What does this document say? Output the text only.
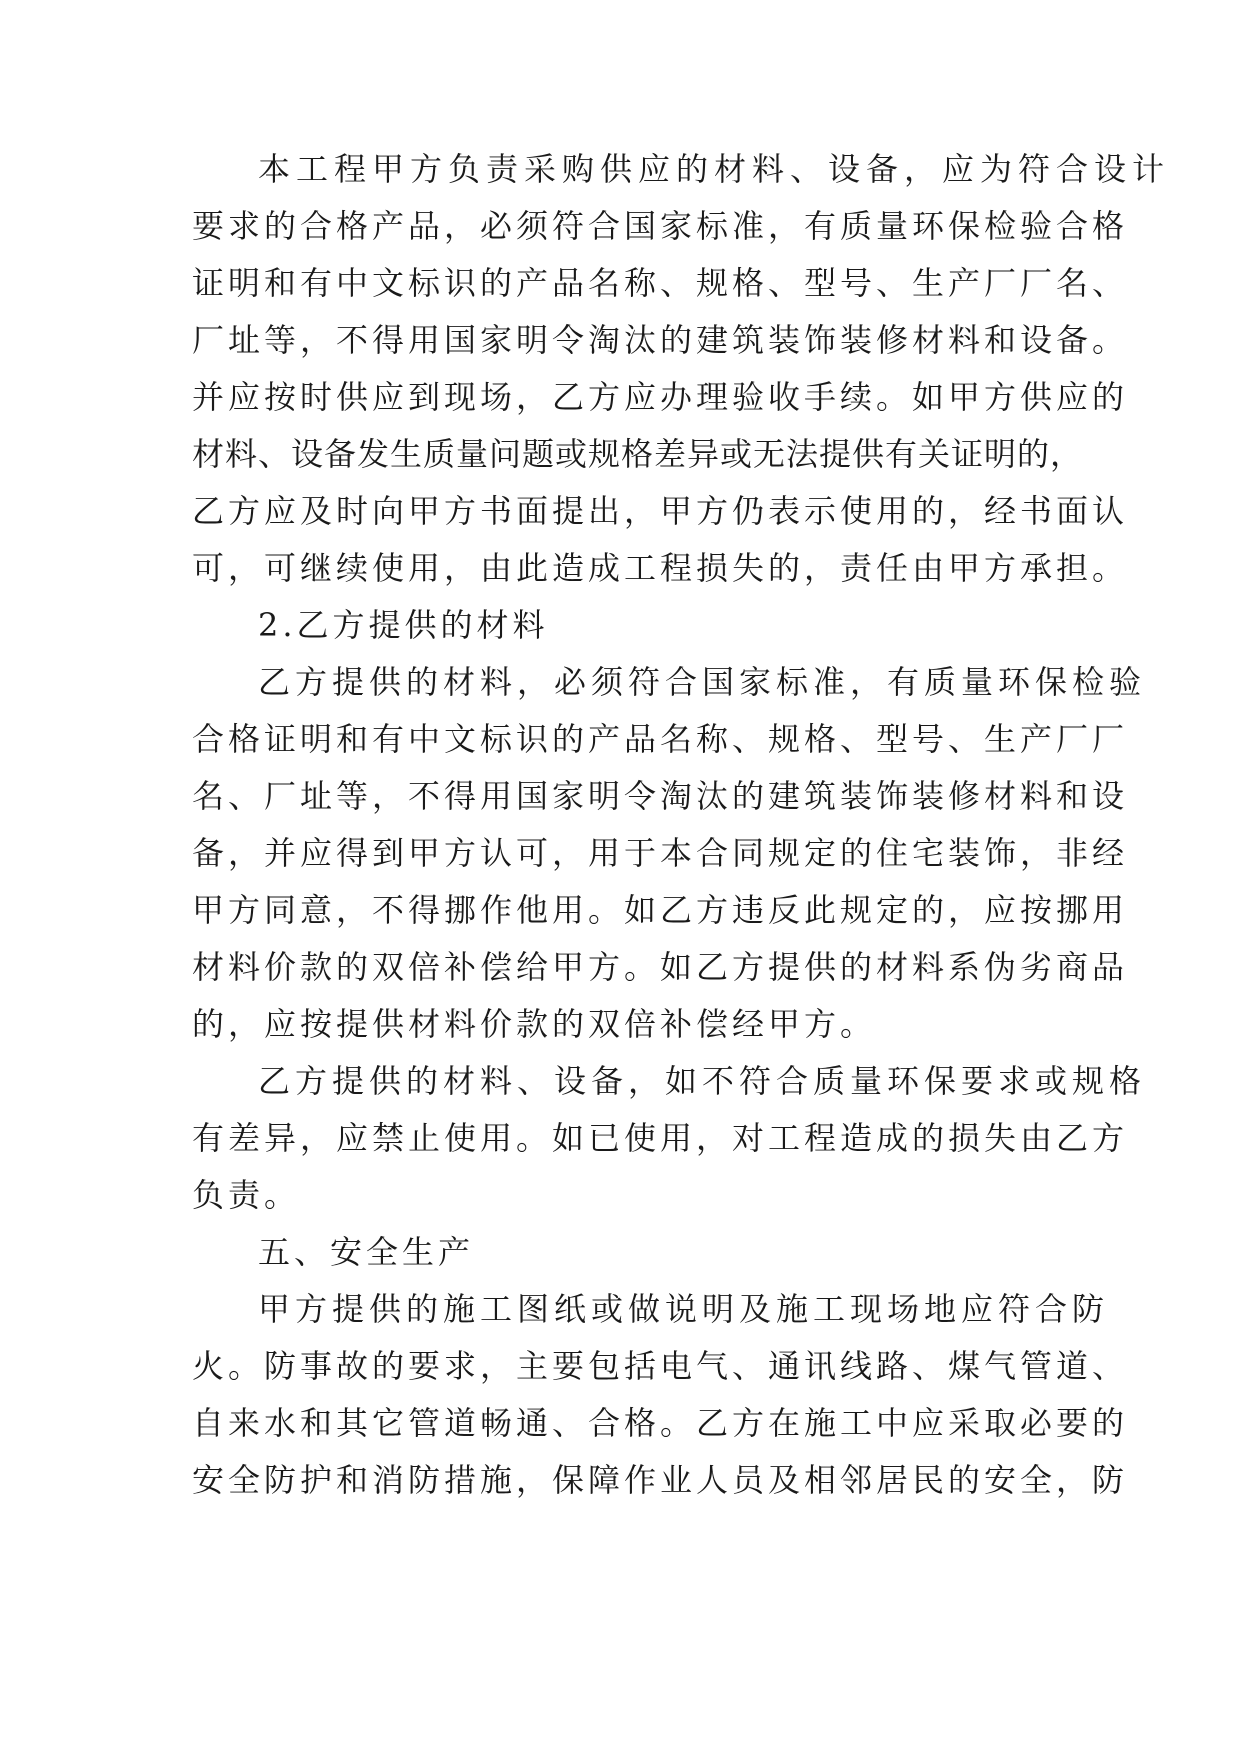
本工程甲方负责采购供应的材料、设备，应为符合设计
要求的合格产品，必须符合国家标准，有质量环保检验合格
证明和有中文标识的产品名称、规格、型号、生产厂厂名、
厂址等，不得用国家明令淘汰的建筑装饰装修材料和设备。
并应按时供应到现场，乙方应办理验收手续。如甲方供应的
材料、设备发生质量问题或规格差异或无法提供有关证明的，
乙方应及时向甲方书面提出，甲方仍表示使用的，经书面认
可，可继续使用，由此造成工程损失的，责任由甲方承担。
2.乙方提供的材料
乙方提供的材料，必须符合国家标准，有质量环保检验
合格证明和有中文标识的产品名称、规格、型号、生产厂厂
名、厂址等，不得用国家明令淘汰的建筑装饰装修材料和设
备，并应得到甲方认可，用于本合同规定的住宅装饰，非经
甲方同意，不得挪作他用。如乙方违反此规定的，应按挪用
材料价款的双倍补偿给甲方。如乙方提供的材料系伪劣商品
的，应按提供材料价款的双倍补偿经甲方。
乙方提供的材料、设备，如不符合质量环保要求或规格
有差异，应禁止使用。如已使用，对工程造成的损失由乙方
负责。
五、安全生产
甲方提供的施工图纸或做说明及施工现场地应符合防
火。防事故的要求，主要包括电气、通讯线路、煤气管道、
自来水和其它管道畅通、合格。乙方在施工中应采取必要的
安全防护和消防措施，保障作业人员及相邻居民的安全，防
